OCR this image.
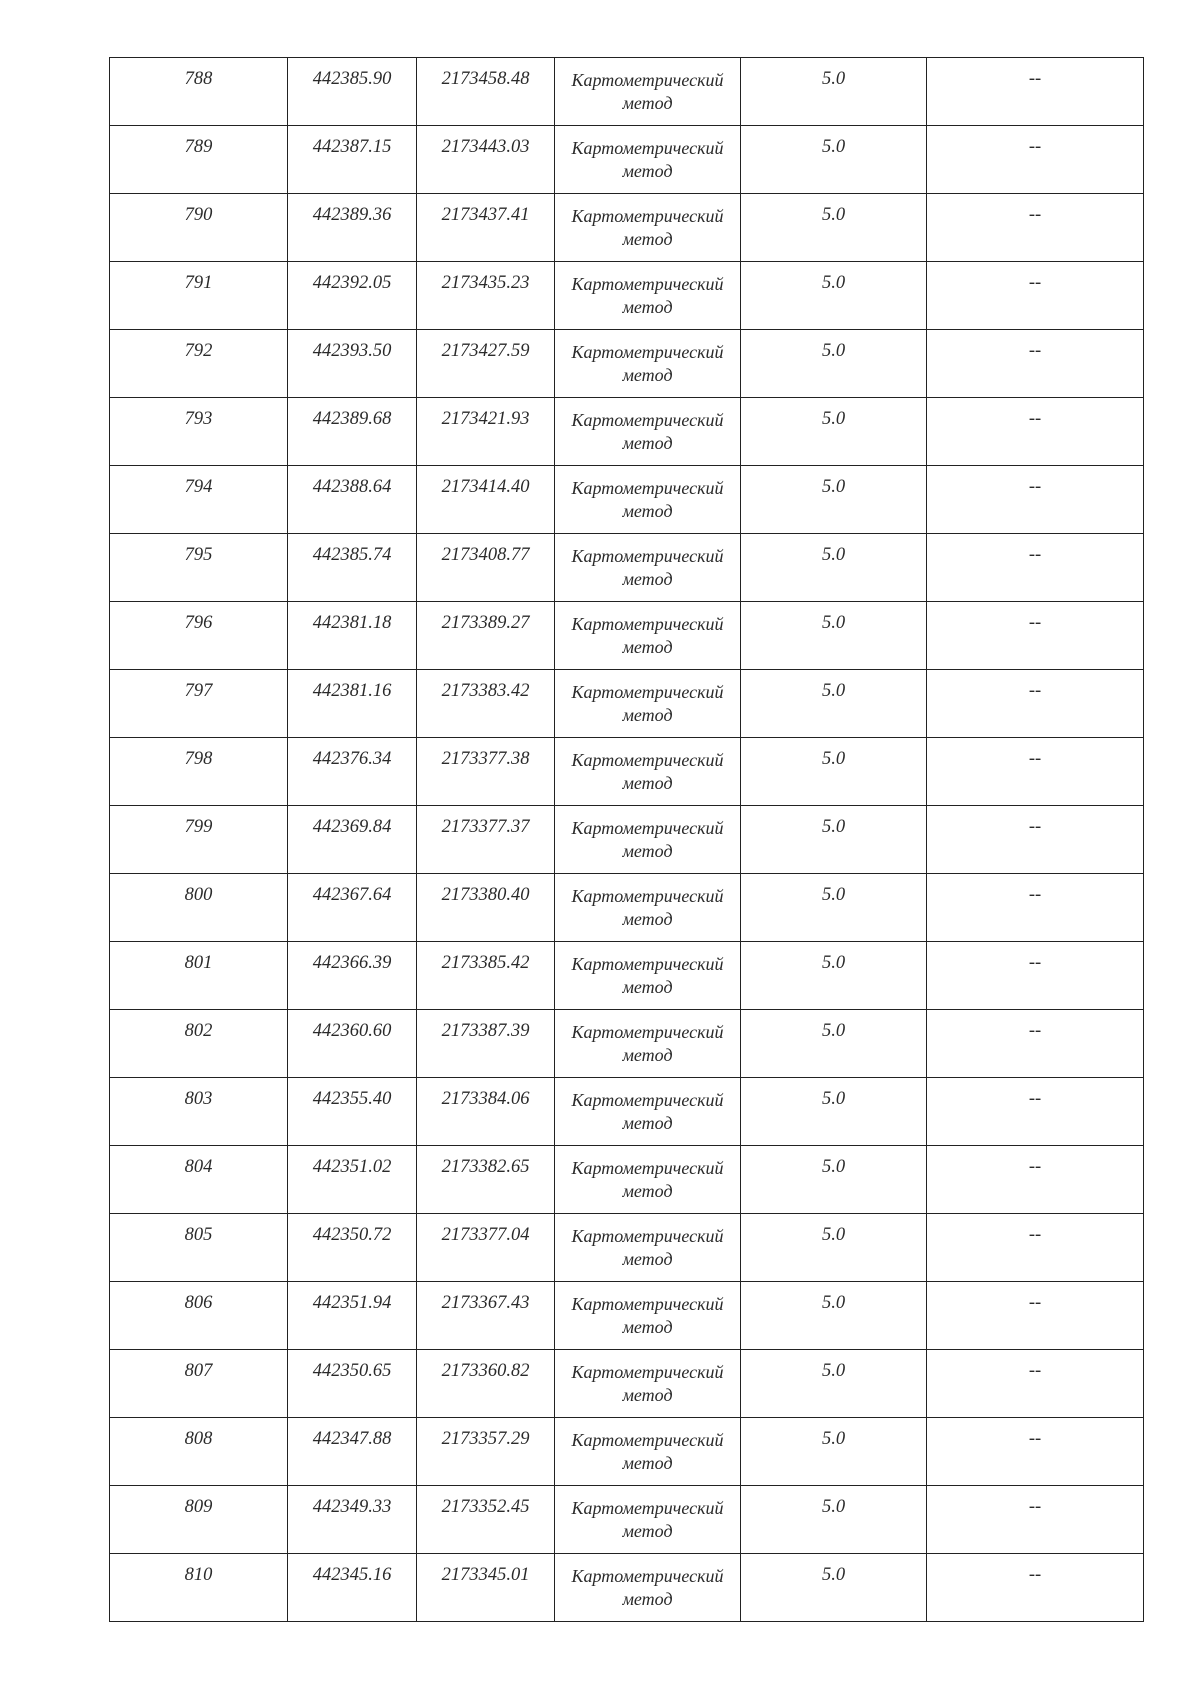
788	442385.90	2173458.48	Картометрический
метод	5.0	--

789	442387.15	2173443.03	Картометрический
метод	5.0	--

790	442389.36	2173437.41	Картометрический
метод	5.0	--

791	442392.05	2173435.23	Картометрический
метод	5.0	--

792	442393.50	2173427.59	Картометрический
метод	5.0	--

793	442389.68	2173421.93	Картометрический
метод	5.0	--

794	442388.64	2173414.40	Картометрический
метод	5.0	--

795	442385.74	2173408.77	Картометрический
метод	5.0	--

796	442381.18	2173389.27	Картометрический
метод	5.0	--

797	442381.16	2173383.42	Картометрический
метод	5.0	--

798	442376.34	2173377.38	Картометрический
метод	5.0	--

799	442369.84	2173377.37	Картометрический
метод	5.0	--

800	442367.64	2173380.40	Картометрический
метод	5.0	--

801	442366.39	2173385.42	Картометрический
метод	5.0	--

802	442360.60	2173387.39	Картометрический
метод	5.0	--

803	442355.40	2173384.06	Картометрический
метод	5.0	--

804	442351.02	2173382.65	Картометрический
метод	5.0	--

805	442350.72	2173377.04	Картометрический
метод	5.0	--

806	442351.94	2173367.43	Картометрический
метод	5.0	--

807	442350.65	2173360.82	Картометрический
метод	5.0	--

808	442347.88	2173357.29	Картометрический
метод	5.0	--

809	442349.33	2173352.45	Картометрический
метод	5.0	--

810	442345.16	2173345.01	Картометрический
метод	5.0	--
